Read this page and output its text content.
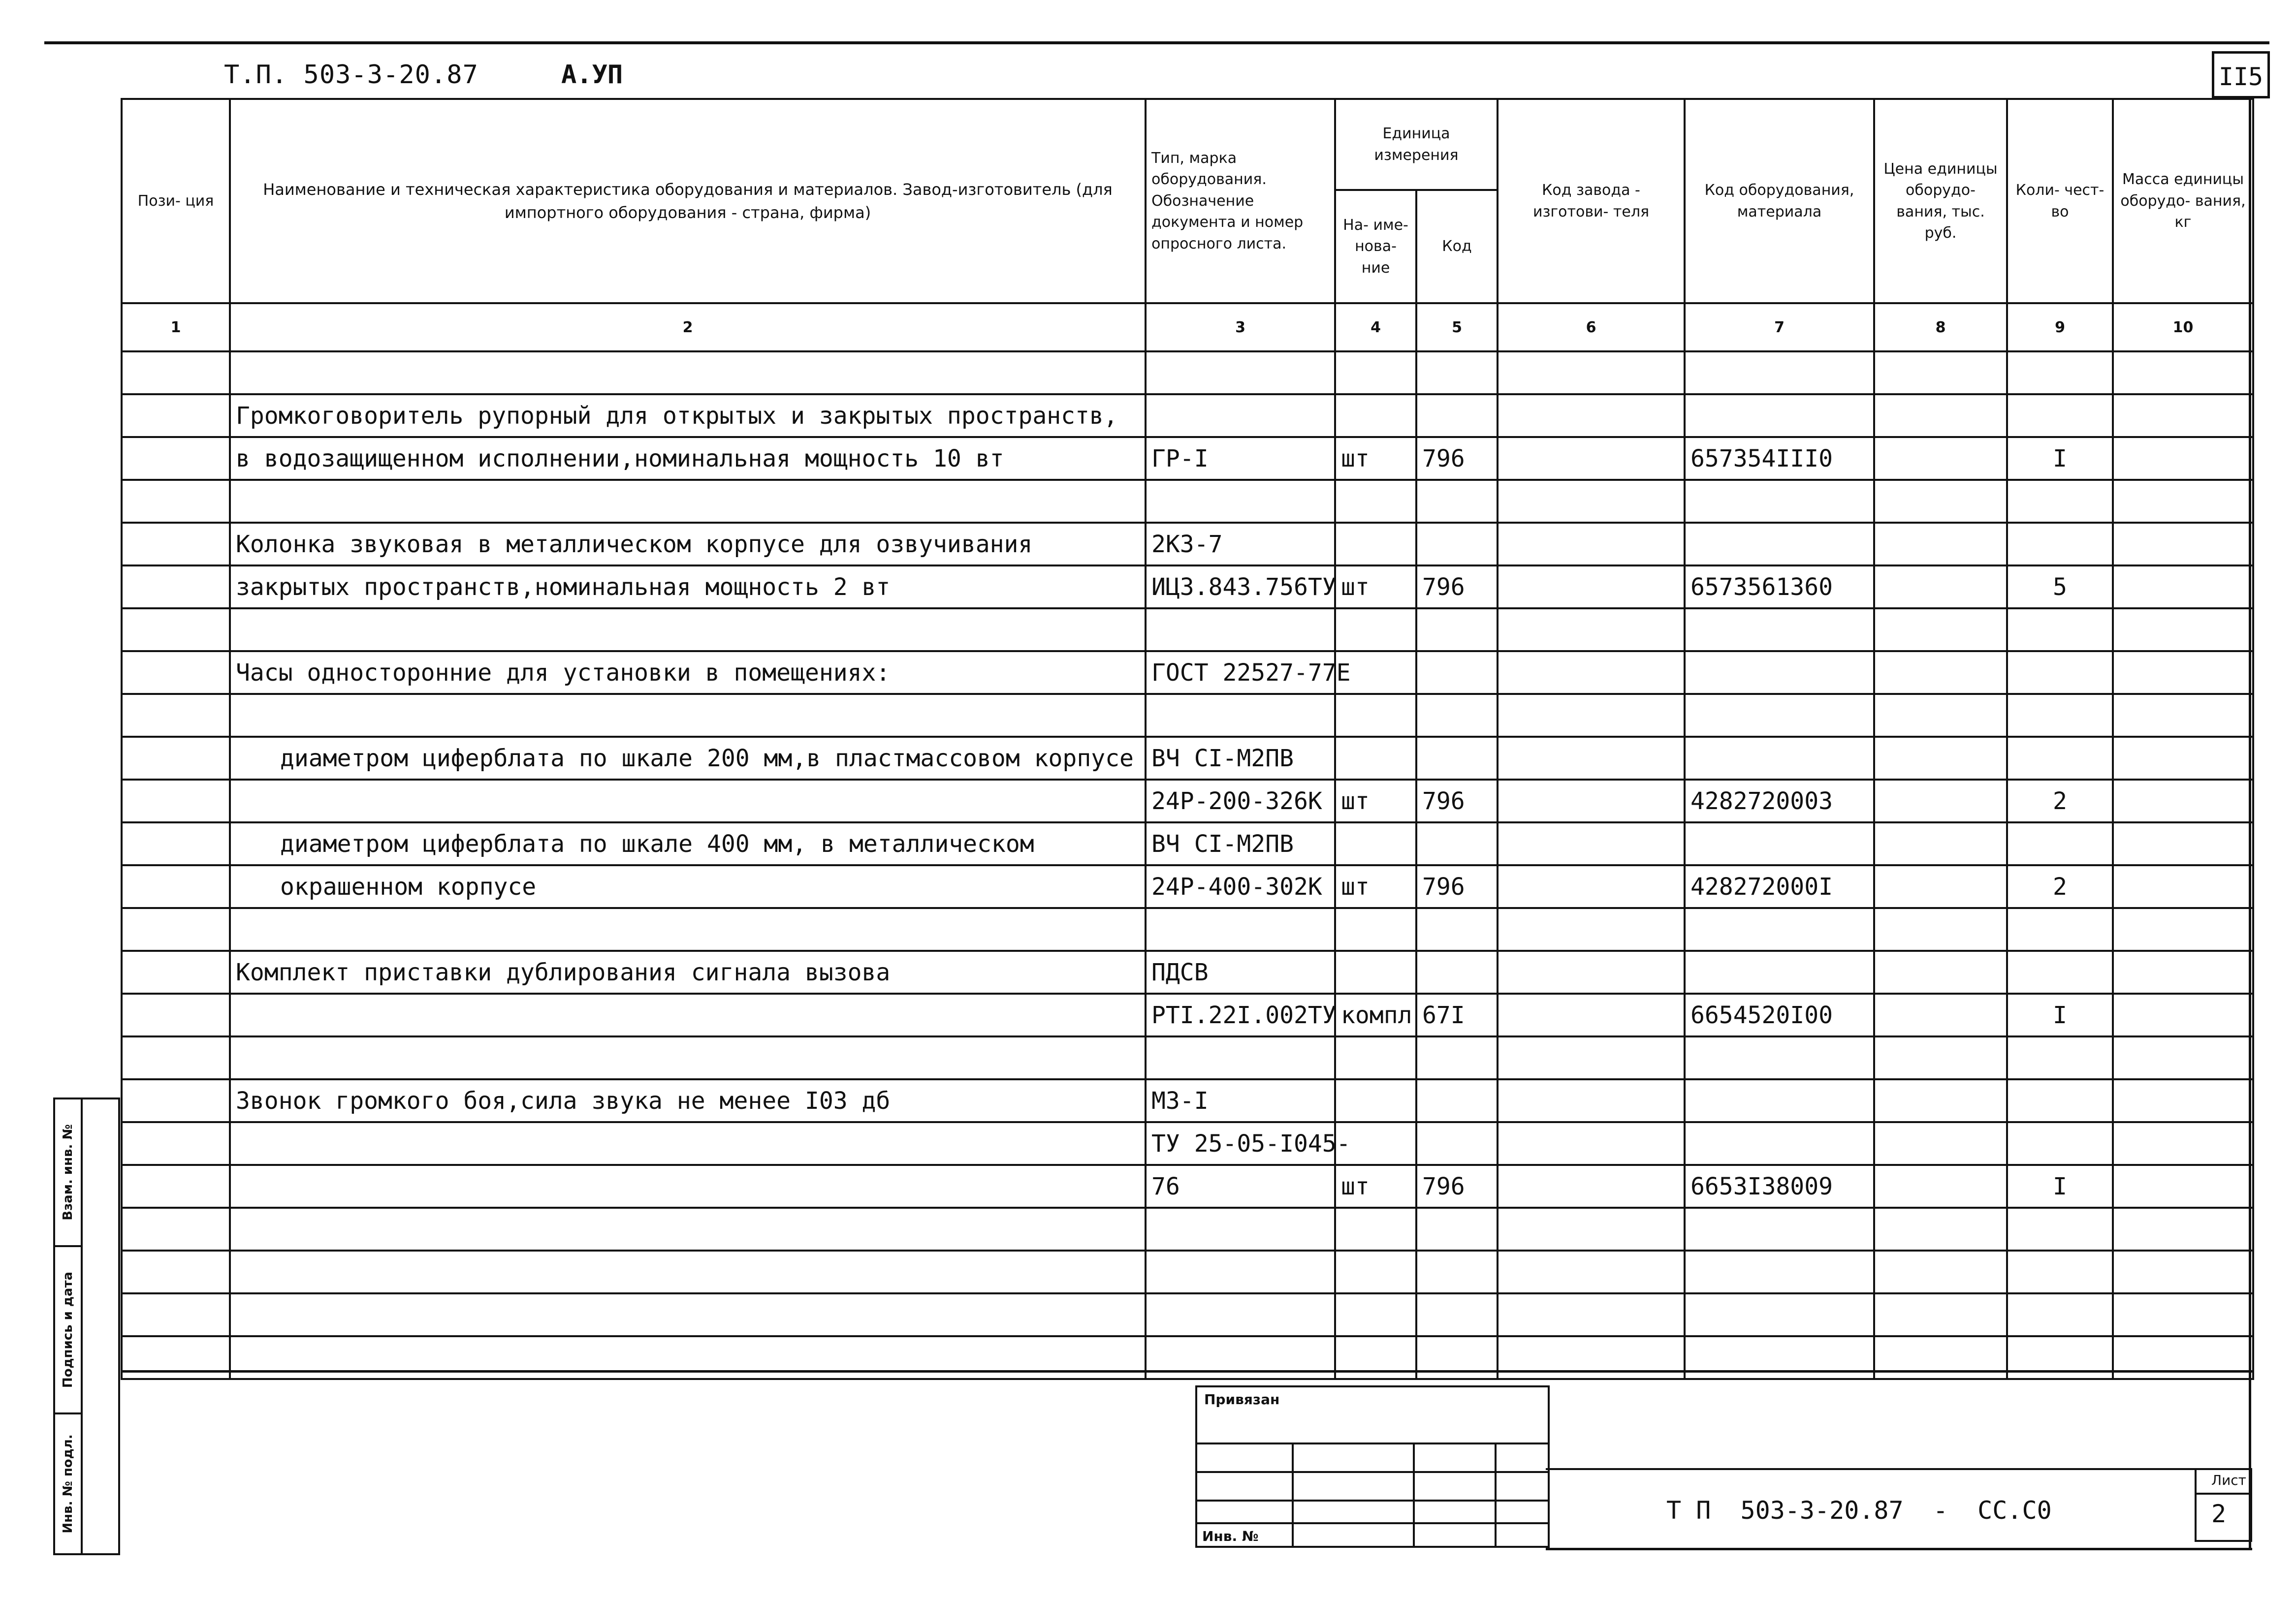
Т.П. 503-3-20.87	А.УП	II5
Пози- ция	Наименование и техническая характеристика оборудования и материалов. Завод-изготовитель (для импортного оборудования - страна, фирма)	Тип, марка оборудования. Обозначение документа и номер опросного листа.	Единица измерения		Код завода - изготови- теля	Код оборудования, материала	Цена единицы оборудо- вания, тыс. руб.	Коли- чест- во	Масса единицы оборудо- вания, кг
			На- име- нова- ние	Код					
1	2	3	4	5	6	7	8	9	10

	Громкоговоритель рупорный для открытых и закрытых пространств,								
	в водозащищенном исполнении,номинальная мощность 10 вт	ГР-I	шт	796		657354III0		I	

	Колонка звуковая в металлическом корпусе для озвучивания	2КЗ-7							
	закрытых пространств,номинальная мощность 2 вт	ИЦ3.843.756ТУ	шт	796		6573561360		5	

	Часы односторонние для установки в помещениях:	ГОСТ 22527-77Е							

	диаметром циферблата по шкале 200 мм,в пластмассовом корпусе	ВЧ СI-М2ПВ							
		24Р-200-326К	шт	796		4282720003		2	
	диаметром циферблата по шкале 400 мм, в металлическом	ВЧ СI-М2ПВ							
	окрашенном корпусе	24Р-400-302К	шт	796		428272000I		2	

	Комплект приставки дублирования сигнала вызова	ПДСВ							
		РТI.22I.002ТУ	компл	67I		6654520I00		I	

	Звонок громкого боя,сила звука не менее I03 дб	МЗ-I							
		ТУ 25-05-I045-							
		76	шт	796		6653I38009		I	

Взам. инв. №
Подпись и дата
Инв. № подл.
Привязан
Инв. №
Т П  503-3-20.87  -  СС.С0
Лист
2
